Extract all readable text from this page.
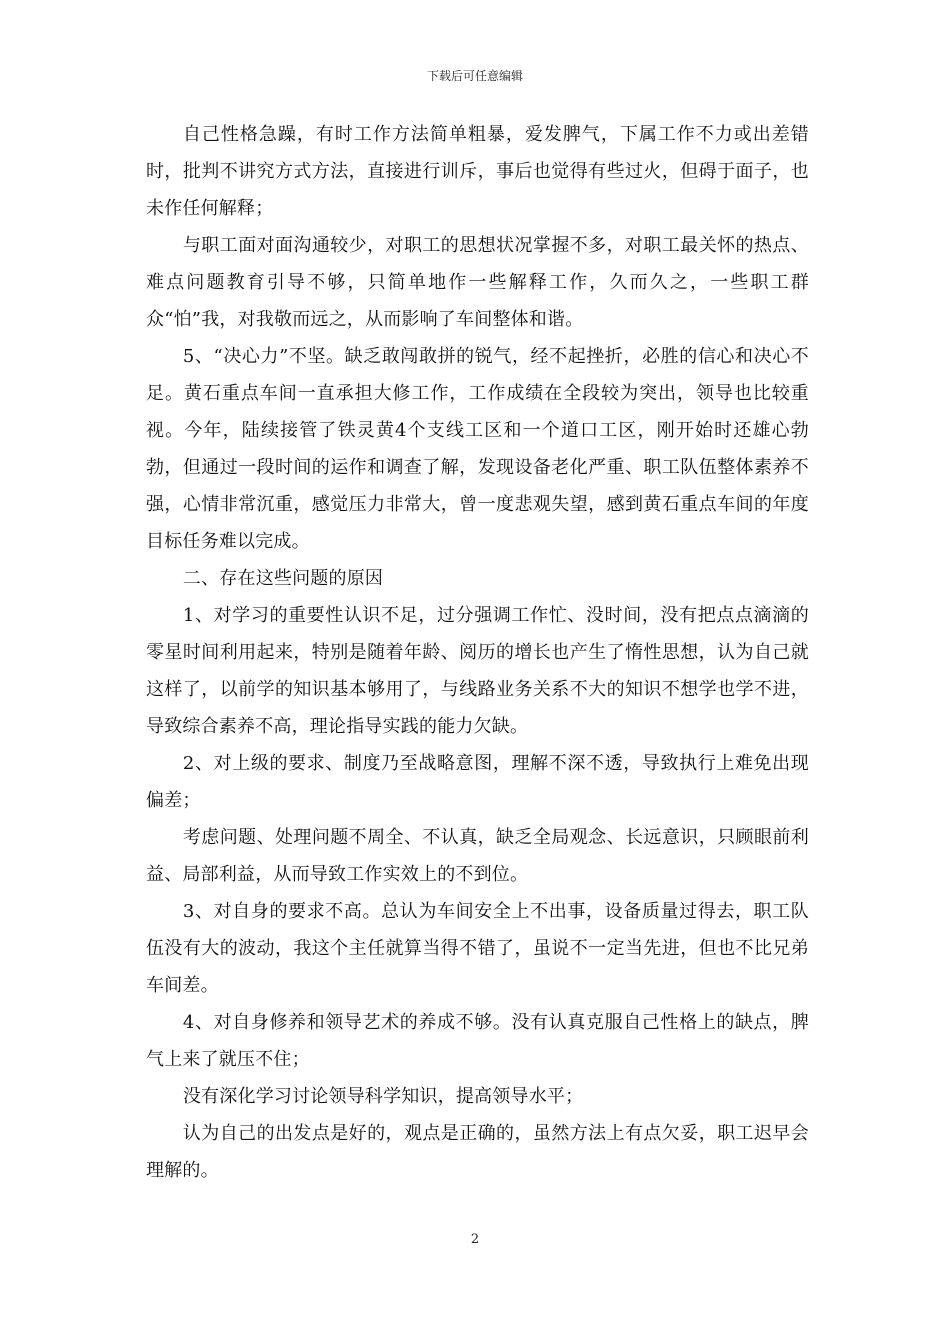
下载后可任意编辑

自己性格急躁，有时工作方法简单粗暴，爱发脾气，下属工作不力或出差错时，批判不讲究方式方法，直接进行训斥，事后也觉得有些过火，但碍于面子，也未作任何解释；

与职工面对面沟通较少，对职工的思想状况掌握不多，对职工最关怀的热点、难点问题教育引导不够，只简单地作一些解释工作，久而久之，一些职工群众“怕”我，对我敬而远之，从而影响了车间整体和谐。

5、“决心力”不坚。缺乏敢闯敢拼的锐气，经不起挫折，必胜的信心和决心不足。黄石重点车间一直承担大修工作，工作成绩在全段较为突出，领导也比较重视。今年，陆续接管了铁灵黄4个支线工区和一个道口工区，刚开始时还雄心勃勃，但通过一段时间的运作和调查了解，发现设备老化严重、职工队伍整体素养不强，心情非常沉重，感觉压力非常大，曾一度悲观失望，感到黄石重点车间的年度目标任务难以完成。

二、存在这些问题的原因

1、对学习的重要性认识不足，过分强调工作忙、没时间，没有把点点滴滴的零星时间利用起来，特别是随着年龄、阅历的增长也产生了惰性思想，认为自己就这样了，以前学的知识基本够用了，与线路业务关系不大的知识不想学也学不进，导致综合素养不高，理论指导实践的能力欠缺。

2、对上级的要求、制度乃至战略意图，理解不深不透，导致执行上难免出现偏差；

考虑问题、处理问题不周全、不认真，缺乏全局观念、长远意识，只顾眼前利益、局部利益，从而导致工作实效上的不到位。

3、对自身的要求不高。总认为车间安全上不出事，设备质量过得去，职工队伍没有大的波动，我这个主任就算当得不错了，虽说不一定当先进，但也不比兄弟车间差。

4、对自身修养和领导艺术的养成不够。没有认真克服自己性格上的缺点，脾气上来了就压不住；

没有深化学习讨论领导科学知识，提高领导水平；

认为自己的出发点是好的，观点是正确的，虽然方法上有点欠妥，职工迟早会理解的。

2
